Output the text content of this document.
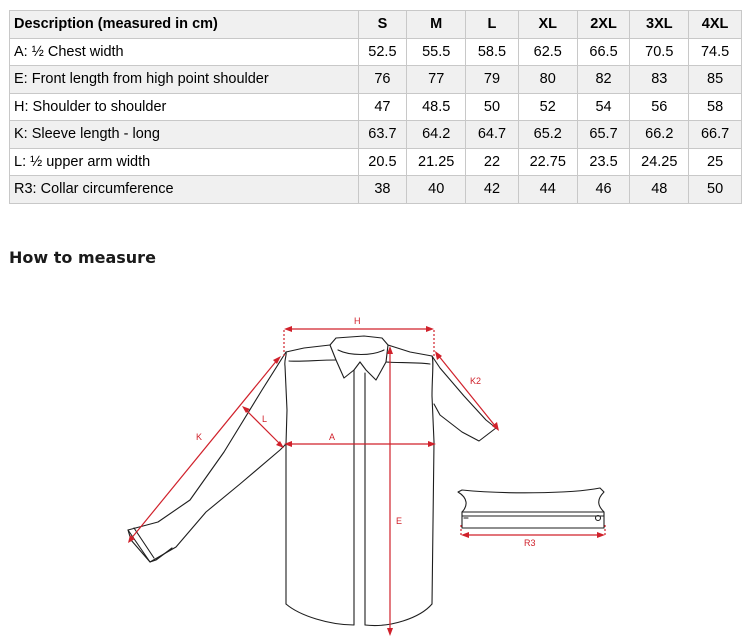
Description (measured in cm)	S	M	L	XL	2XL	3XL	4XL
A: ½ Chest width	52.5	55.5	58.5	62.5	66.5	70.5	74.5
E: Front length from high point shoulder	76	77	79	80	82	83	85
H: Shoulder to shoulder	47	48.5	50	52	54	56	58
K: Sleeve length - long	63.7	64.2	64.7	65.2	65.7	66.2	66.7
L: ½ upper arm width	20.5	21.25	22	22.75	23.5	24.25	25
R3: Collar circumference	38	40	42	44	46	48	50
How to measure
H
K
L
A
E
K2
R3
